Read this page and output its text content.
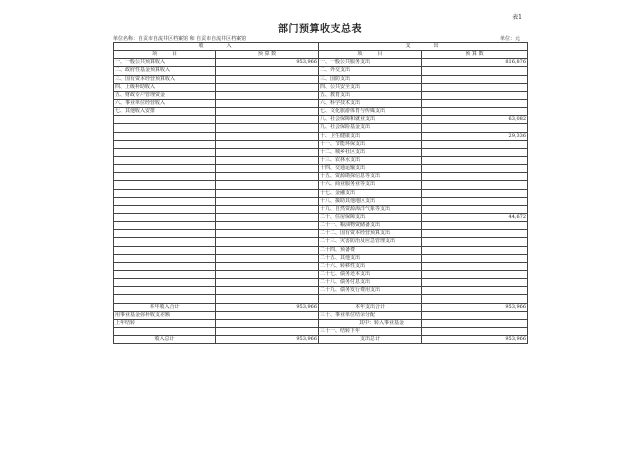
表1
部门预算收支总表
单位名称：自贡市自流井区档案馆 和 自贡市自流井区档案馆	单位：元
收　　　入		支　　　出	
项　　　目	预 算 数	项　　　目	预 算 数
一、一般公共预算收入	953,966	一、一般公共服务支出	816,876
二、政府性基金预算收入		二、外交支出	
三、国有资本经营预算收入		三、国防支出	
四、上级补助收入		四、公共安全支出	
五、财政专户管理资金		五、教育支出	
六、事业单位经营收入		六、科学技术支出	
七、其他收入安排		七、文化旅游体育与传媒支出	
		八、社会保障和就业支出	63,082
		九、社会保险基金支出	
		十、卫生健康支出	29,336
		十一、节能环保支出	
		十二、城乡社区支出	
		十三、农林水支出	
		十四、交通运输支出	
		十五、资源勘探信息等支出	
		十六、商业服务业等支出	
		十七、金融支出	
		十八、援助其他地区支出	
		十九、自然资源海洋气象等支出	
		二十、住房保障支出	44,672
		二十一、粮油物资储备支出	
		二十二、国有资本经营预算支出	
		二十三、灾害防治及应急管理支出	
		二十四、预备费	
		二十五、其他支出	
		二十六、转移性支出	
		二十七、债务还本支出	
		二十八、债务付息支出	
		二十九、债务发行费用支出	

本年收入合计	953,966	本年支出合计	953,966
用事业基金弥补收支差额		三十、事业单位结余分配	
上年结转		其中：转入事业基金	
		三十一、结转下年	
收入总计	953,966	支出总计	953,966
